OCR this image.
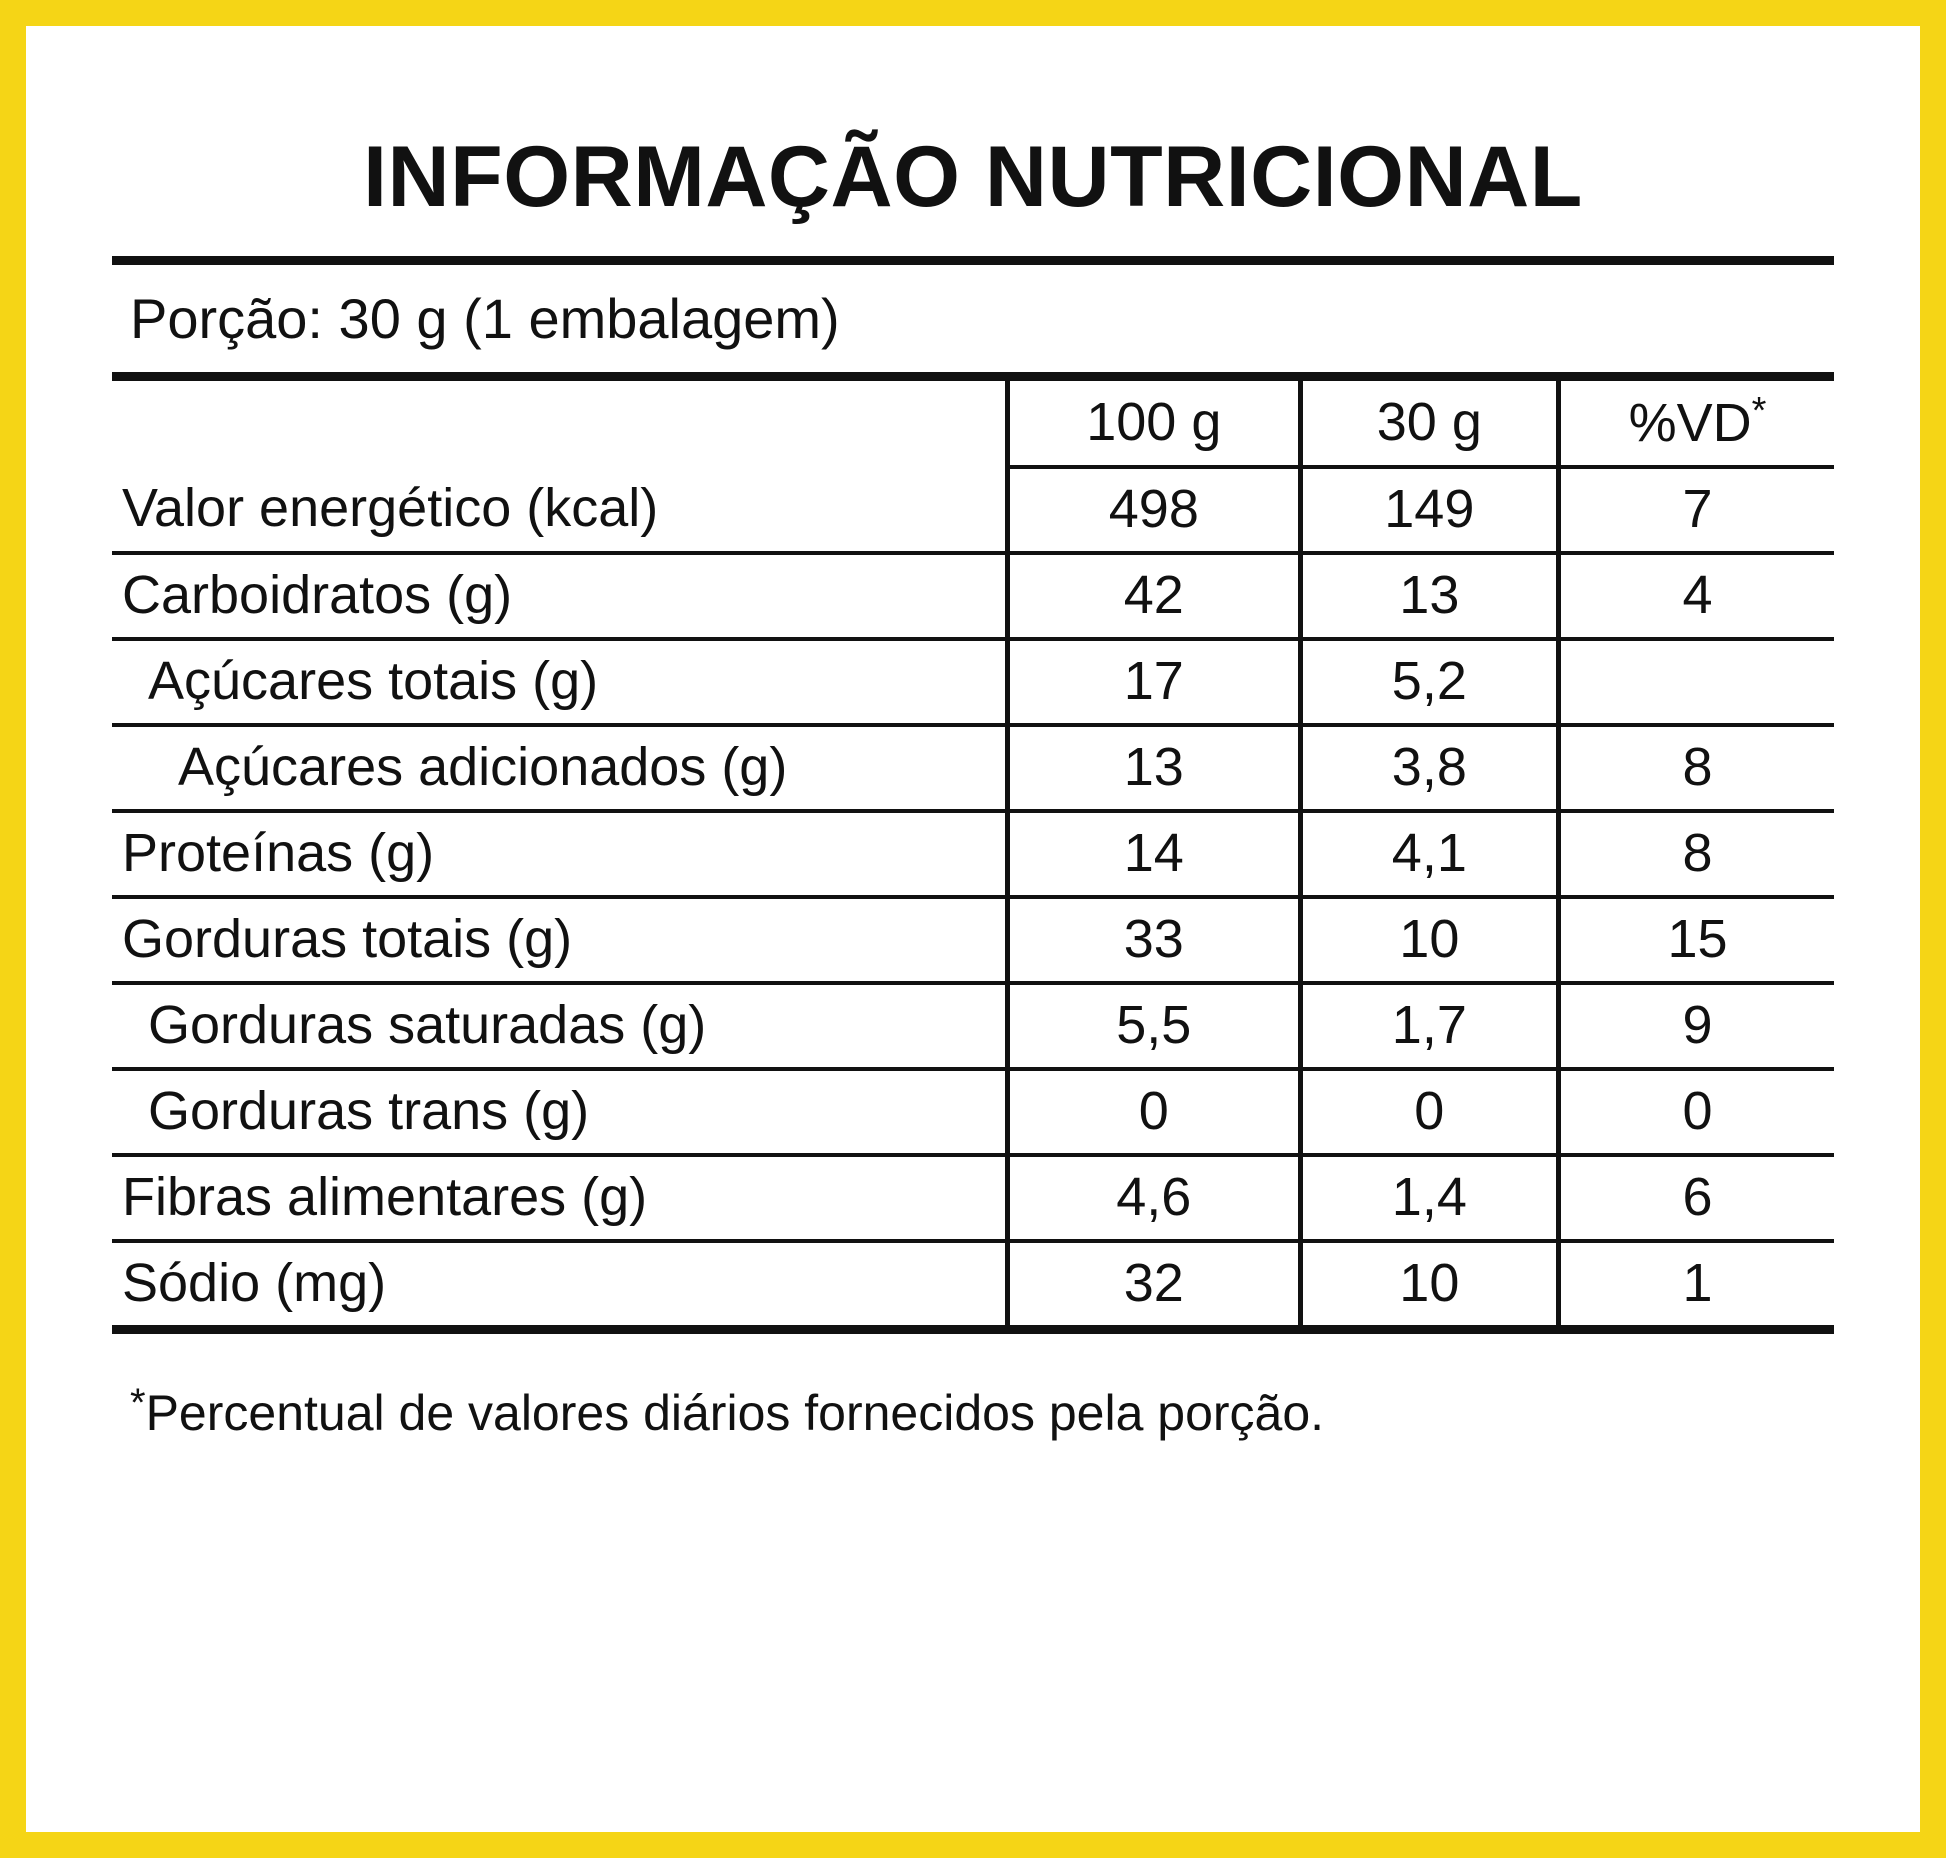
INFORMAÇÃO NUTRICIONAL
Porção: 30 g (1 embalagem)
	100 g	30 g	%VD*
Valor energético (kcal)	498	149	7
Carboidratos (g)	42	13	4
Açúcares totais (g)	17	5,2	
Açúcares adicionados (g)	13	3,8	8
Proteínas (g)	14	4,1	8
Gorduras totais (g)	33	10	15
Gorduras saturadas (g)	5,5	1,7	9
Gorduras trans (g)	0	0	0
Fibras alimentares (g)	4,6	1,4	6
Sódio (mg)	32	10	1
*Percentual de valores diários fornecidos pela porção.
